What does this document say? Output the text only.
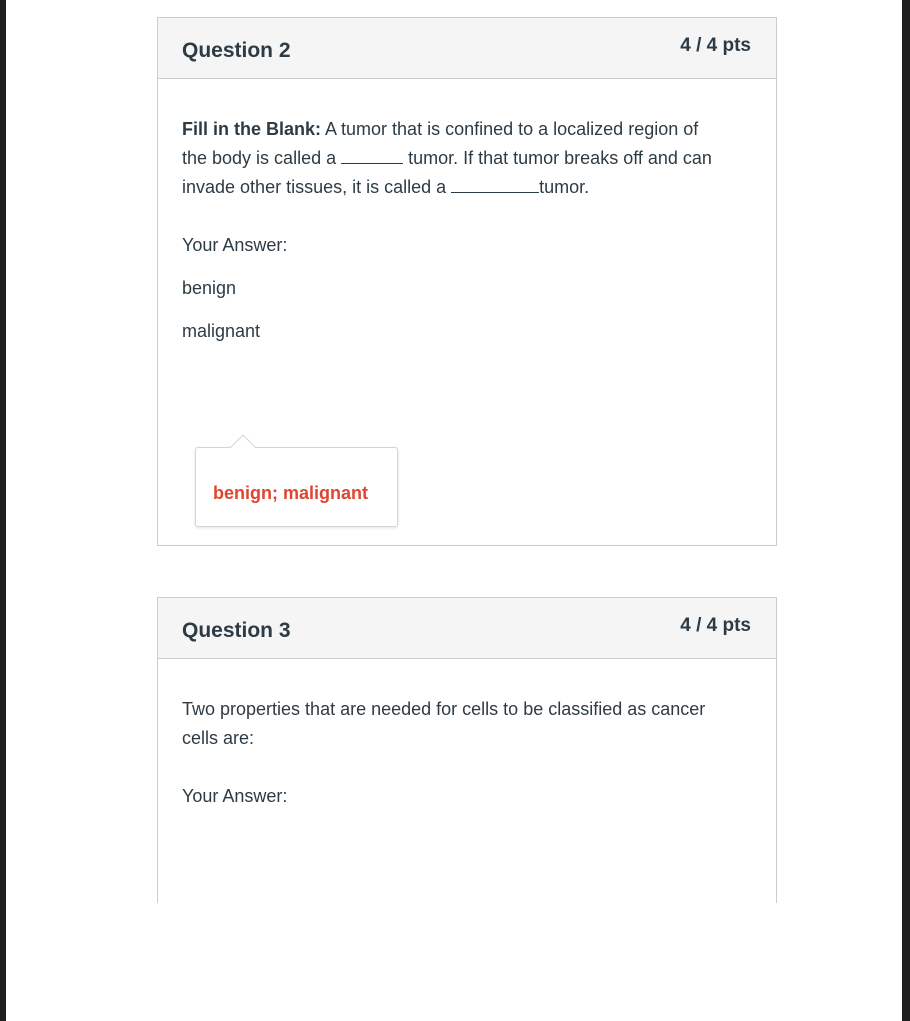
Question 2	4 / 4 pts
Fill in the Blank: A tumor that is confined to a localized region of
the body is called a	tumor. If that tumor breaks off and can
invade other tissues, it is called a	tumor.
Your Answer:
benign
malignant
benign; malignant
Question 3	4 / 4 pts
Two properties that are needed for cells to be classified as cancer
cells are:
Your Answer:
